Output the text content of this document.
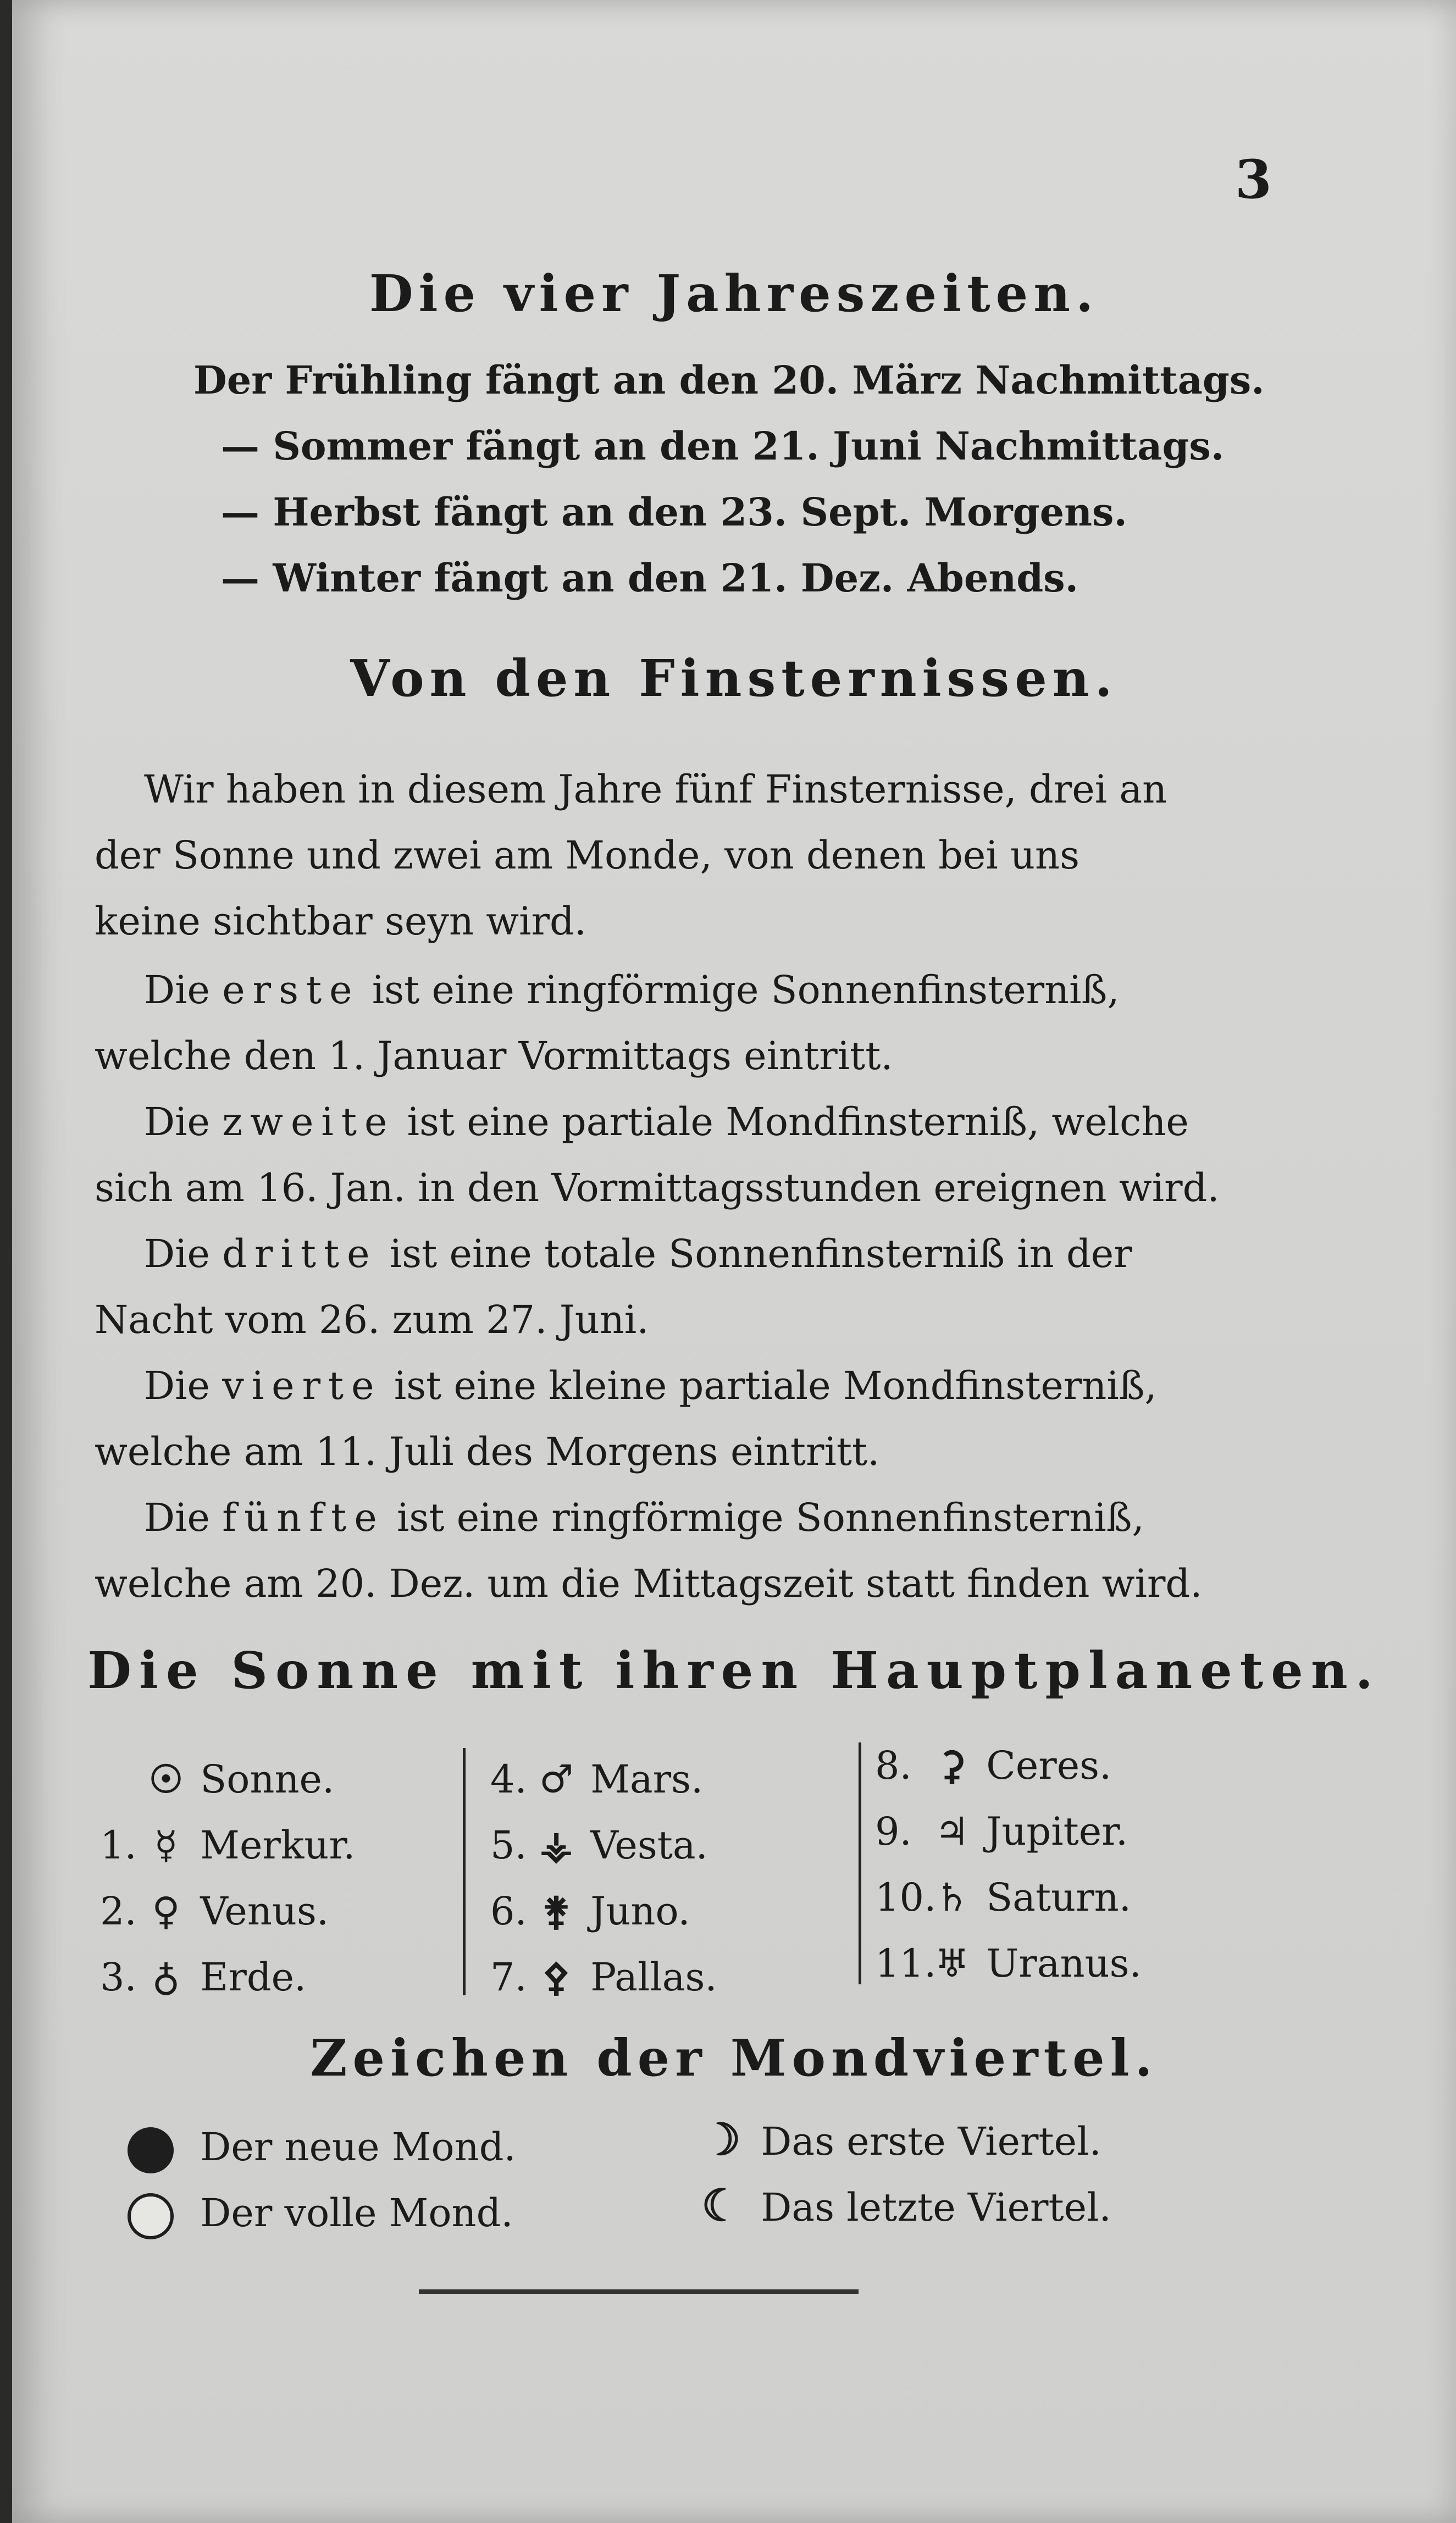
3
Die vier Jahreszeiten.
Der Frühling fängt an den 20. März Nachmittags.
— Sommer fängt an den 21. Juni Nachmittags.
— Herbst fängt an den 23. Sept. Morgens.
— Winter fängt an den 21. Dez. Abends.
Von den Finsternissen.
Wir haben in diesem Jahre fünf Finsternisse, drei an
der Sonne und zwei am Monde, von denen bei uns
keine sichtbar seyn wird.
Die erste ist eine ringförmige Sonnenfinsterniß,
welche den 1. Januar Vormittags eintritt.
Die zweite ist eine partiale Mondfinsterniß, welche
sich am 16. Jan. in den Vormittagsstunden ereignen wird.
Die dritte ist eine totale Sonnenfinsterniß in der
Nacht vom 26. zum 27. Juni.
Die vierte ist eine kleine partiale Mondfinsterniß,
welche am 11. Juli des Morgens eintritt.
Die fünfte ist eine ringförmige Sonnenfinsterniß,
welche am 20. Dez. um die Mittagszeit statt finden wird.
Die Sonne mit ihren Hauptplaneten.
☉ Sonne.
1. ☿ Merkur.
2. ♀ Venus.
3. ♁ Erde.
4. ♂ Mars.
5. ⚶ Vesta.
6. ⚵ Juno.
7. ⚴ Pallas.
8. ⚳ Ceres.
9. ♃ Jupiter.
10.♄ Saturn.
11.♅ Uranus.
Zeichen der Mondviertel.
Der neue Mond.
Der volle Mond.
☽ Das erste Viertel.
☾ Das letzte Viertel.
